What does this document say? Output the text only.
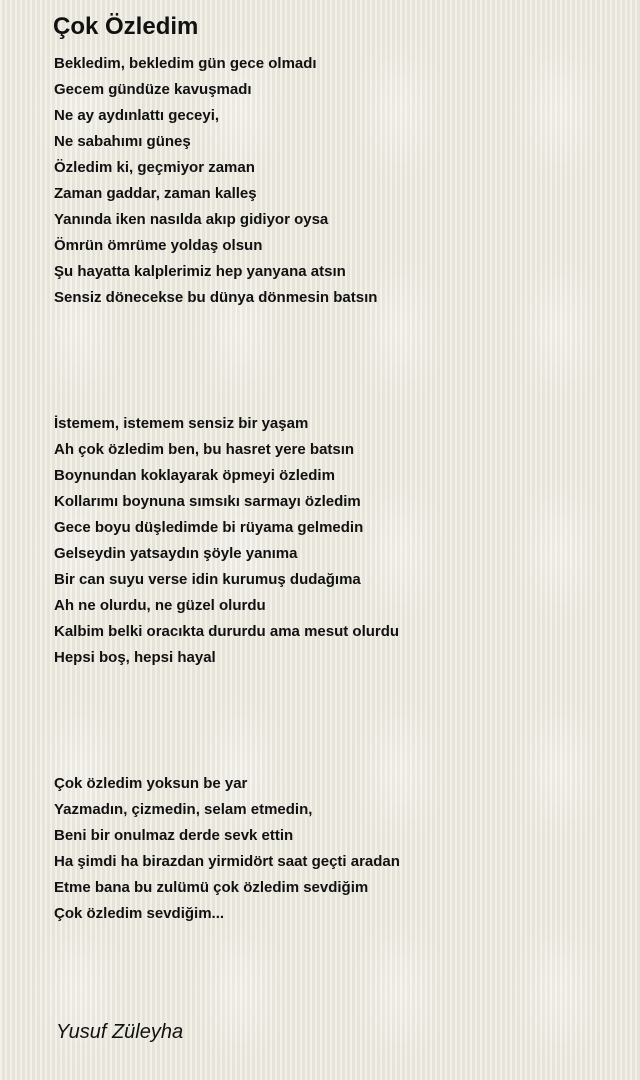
Çok Özledim
Bekledim, bekledim gün gece olmadı
Gecem gündüze kavuşmadı
Ne ay aydınlattı geceyi,
Ne sabahımı güneş
Özledim ki, geçmiyor zaman
Zaman gaddar, zaman kalleş
Yanında iken nasılda akıp gidiyor oysa
Ömrün ömrüme yoldaş olsun
Şu hayatta kalplerimiz hep yanyana atsın
Sensiz dönecekse bu dünya dönmesin batsın
İstemem, istemem sensiz bir yaşam
Ah çok özledim ben, bu hasret yere batsın
Boynundan koklayarak öpmeyi özledim
Kollarımı boynuna sımsıkı sarmayı özledim
Gece boyu düşledimde bi rüyama gelmedin
Gelseydin yatsaydın şöyle yanıma
Bir can suyu verse idin kurumuş dudağıma
Ah ne olurdu, ne güzel olurdu
Kalbim belki oracıkta dururdu ama mesut olurdu
Hepsi boş, hepsi hayal
Çok özledim yoksun be yar
Yazmadın, çizmedin, selam etmedin,
Beni bir onulmaz derde sevk ettin
Ha şimdi ha birazdan yirmidört saat geçti aradan
Etme bana bu zulümü çok özledim sevdiğim
Çok özledim sevdiğim...
Yusuf Züleyha
